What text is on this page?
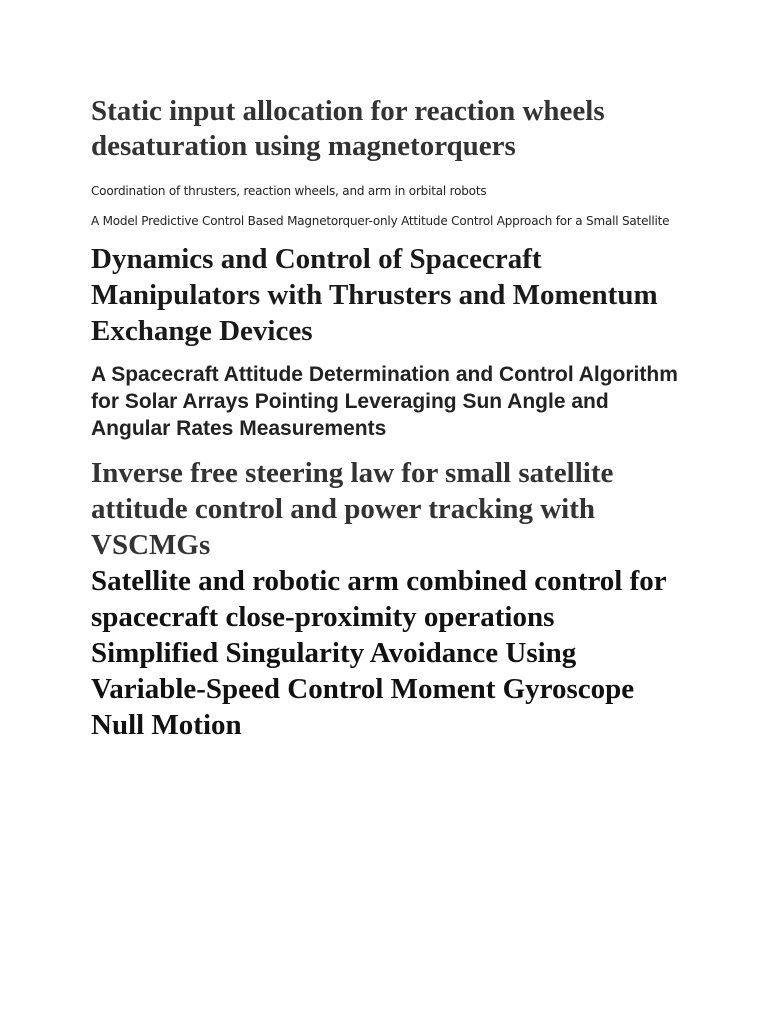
Static input allocation for reaction wheels desaturation using magnetorquers

Coordination of thrusters, reaction wheels, and arm in orbital robots

A Model Predictive Control Based Magnetorquer-only Attitude Control Approach for a Small Satellite

Dynamics and Control of Spacecraft Manipulators with Thrusters and Momentum Exchange Devices
A Spacecraft Attitude Determination and Control Algorithm for Solar Arrays Pointing Leveraging Sun Angle and Angular Rates Measurements
Inverse free steering law for small satellite attitude control and power tracking with VSCMGs
Satellite and robotic arm combined control for spacecraft close-proximity operations
Simplified Singularity Avoidance Using Variable-Speed Control Moment Gyroscope Null Motion
